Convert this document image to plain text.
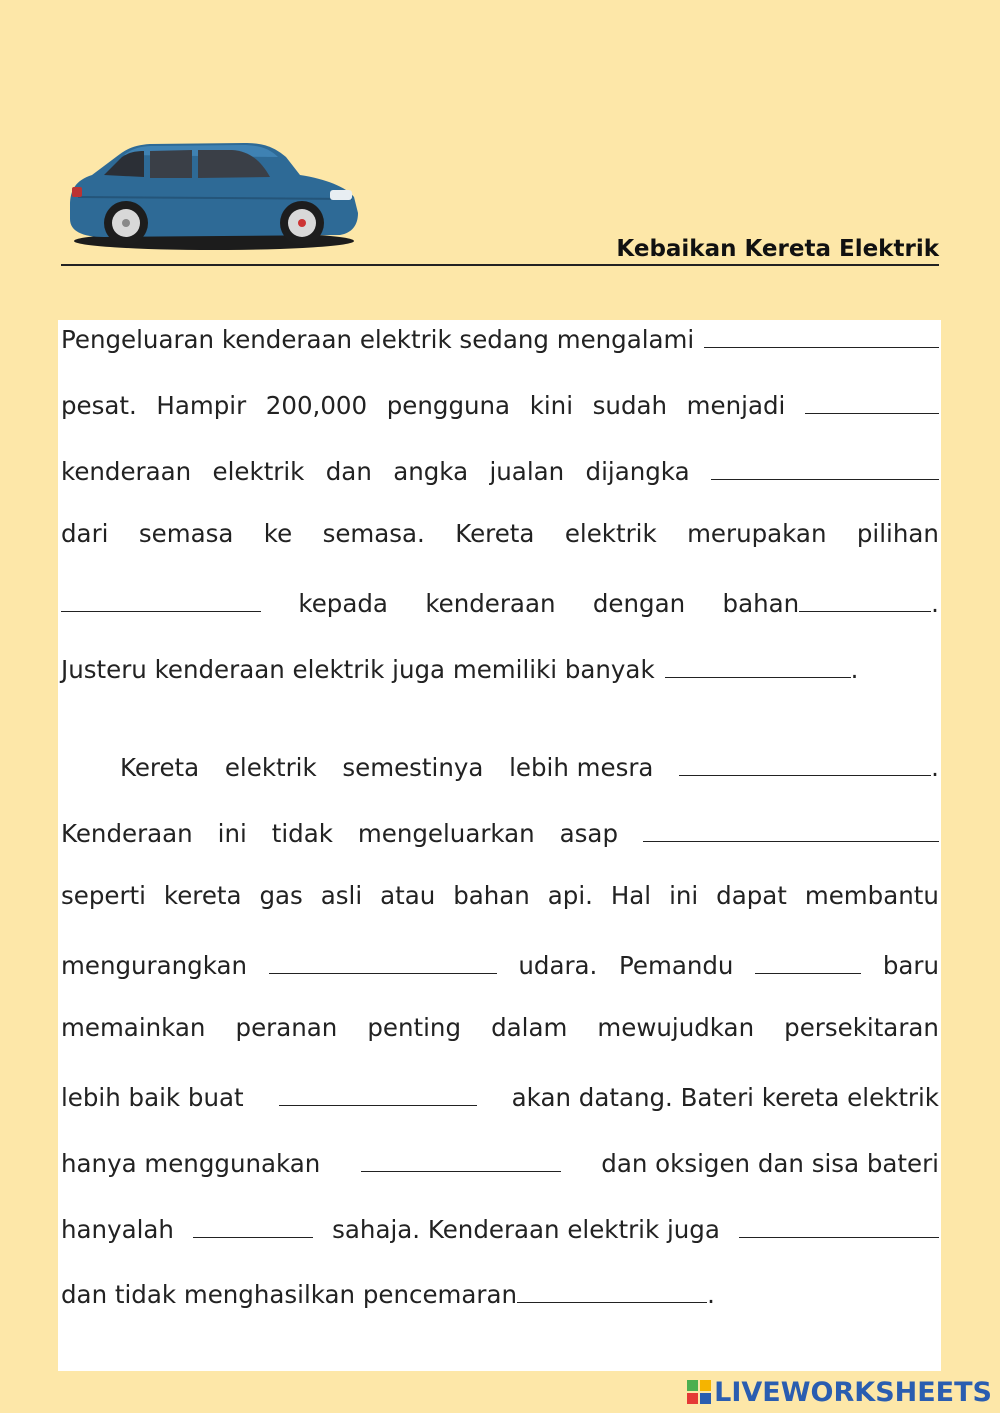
Kebaikan Kereta Elektrik
Pengeluaran kenderaan elektrik sedang mengalami
pesat. Hampir 200,000 pengguna kini sudah menjadi
kenderaan elektrik dan angka jualan dijangka
dari semasa ke semasa. Kereta elektrik merupakan pilihan
kepada kenderaan dengan bahan	.
Justeru kenderaan elektrik juga memiliki banyak	.
Kereta elektrik semestinya lebih mesra	.
Kenderaan ini tidak mengeluarkan asap
seperti kereta gas asli atau bahan api. Hal ini dapat membantu
mengurangkan	udara. Pemandu	baru
memainkan peranan penting dalam mewujudkan persekitaran
lebih baik buat	akan datang. Bateri kereta elektrik
hanya menggunakan	dan oksigen dan sisa bateri
hanyalah	sahaja. Kenderaan elektrik juga
dan tidak menghasilkan pencemaran	.
LIVEWORKSHEETS
